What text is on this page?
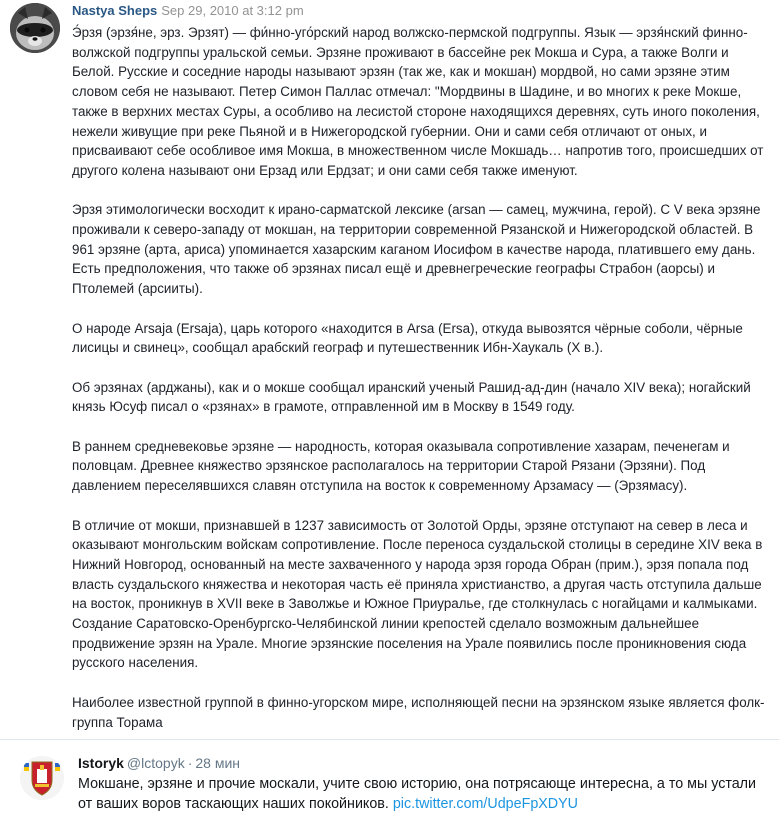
Nastya Sheps Sep 29, 2010 at 3:12 pm

Э́рзя (эрзя́не, эрз. Эрзят) — фи́нно-уго́рский народ волжско-пермской подгруппы. Язык — эрзя́нский финно-волжской подгруппы уральской семьи. Эрзяне проживают в бассейне рек Мокша и Сура, а также Волги и Белой. Русские и соседние народы называют эрзян (так же, как и мокшан) мордвой, но сами эрзяне этим словом себя не называют. Петер Симон Паллас отмечал: "Мордвины в Шадине, и во многих к реке Мокше, также в верхних местах Суры, а особливо на лесистой стороне находящихся деревнях, суть иного поколения, нежели живущие при реке Пьяной и в Нижегородской губернии. Они и сами себя отличают от оных, и присваивают себе особливое имя Мокша, в множественном числе Мокшадь… напротив того, происшедших от другого колена называют они Ерзад или Ердзат; и они сами себя также именуют.

Эрзя этимологически восходит к ирано-сарматской лексике (arsan — самец, мужчина, герой). С V века эрзяне проживали к северо-западу от мокшан, на территории современной Рязанской и Нижегородской областей. В 961 эрзяне (арта, ариса) упоминается хазарским каганом Иосифом в качестве народа, платившего ему дань. Есть предположения, что также об эрзянах писал ещё и древнегреческие географы Страбон (аорсы) и Птолемей (арсииты).

О народе Arsaja (Ersaja), царь которого «находится в Arsa (Ersa), откуда вывозятся чёрные соболи, чёрные лисицы и свинец», сообщал арабский географ и путешественник Ибн-Хаукаль (X в.).

Об эрзянах (арджаны), как и о мокше сообщал иранский ученый Рашид-ад-дин (начало XIV века); ногайский князь Юсуф писал о «рзянах» в грамоте, отправленной им в Москву в 1549 году.

В раннем средневековье эрзяне — народность, которая оказывала сопротивление хазарам, печенегам и половцам. Древнее княжество эрзянское располагалось на территории Старой Рязани (Эрзяни). Под давлением переселявшихся славян отступила на восток к современному Арзамасу — (Эрзямасу).

В отличие от мокши, признавшей в 1237 зависимость от Золотой Орды, эрзяне отступают на север в леса и оказывают монгольским войскам сопротивление. После переноса суздальской столицы в середине XIV века в Нижний Новгород, основанный на месте захваченного у народа эрзя города Обран (прим.), эрзя попала под власть суздальского княжества и некоторая часть её приняла христианство, а другая часть отступила дальше на восток, проникнув в XVII веке в Заволжье и Южное Приуралье, где столкнулась с ногайцами и калмыками. Создание Саратовско-Оренбургско-Челябинской линии крепостей сделало возможным дальнейшее продвижение эрзян на Урале. Многие эрзянские поселения на Урале появились после проникновения сюда русского населения.

Наиболее известной группой в финно-угорском мире, исполняющей песни на эрзянском языке является фолк-группа Торама

Istoryk @lctopyk · 28 мин
Мокшане, эрзяне и прочие москали, учите свою историю, она потрясающе интересна, а то мы устали от ваших воров таскающих наших покойников. pic.twitter.com/UdpeFpXDYU
